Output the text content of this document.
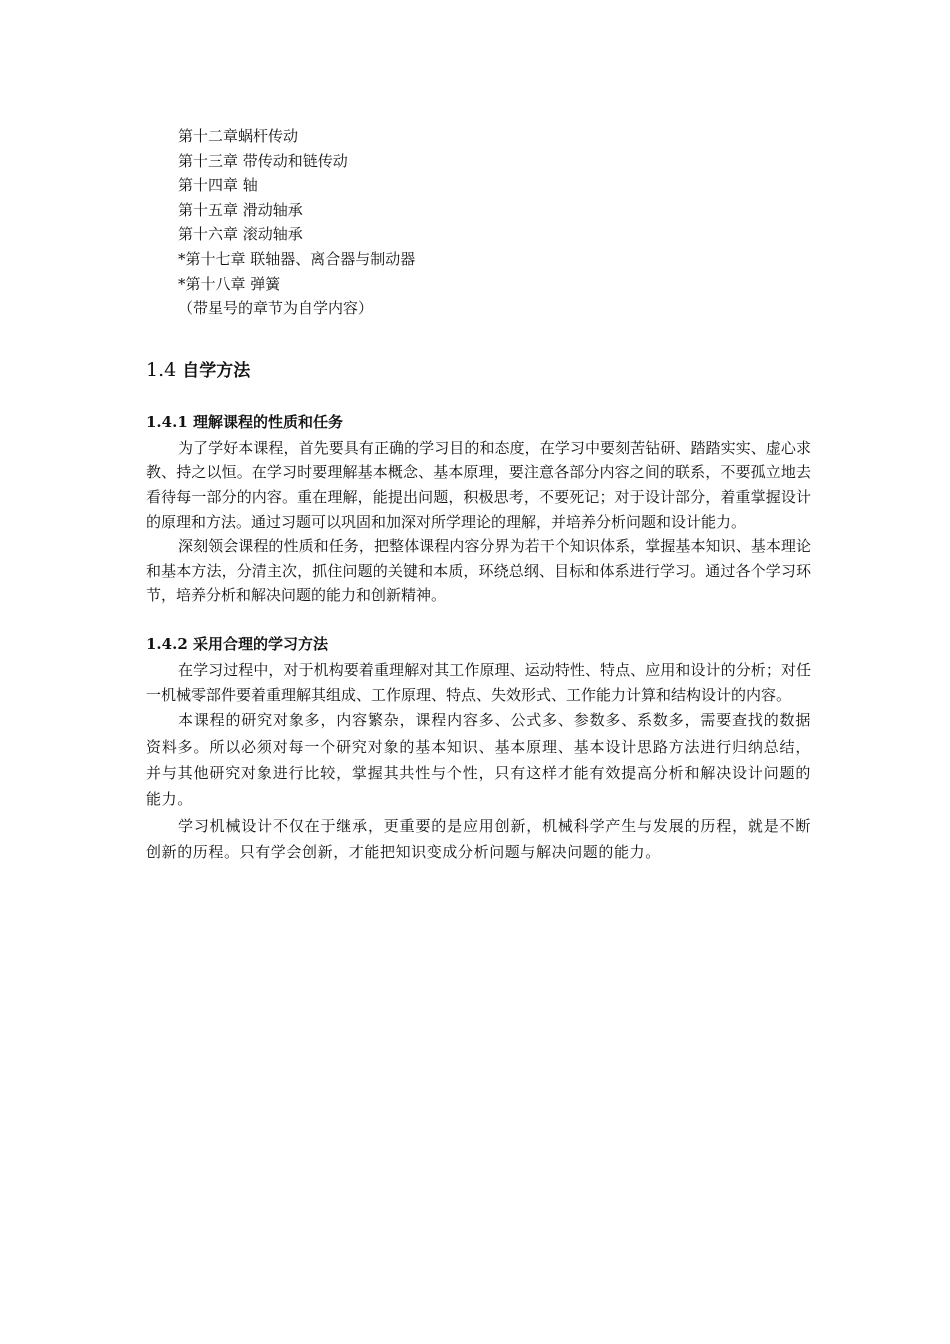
第十二章蜗杆传动
第十三章 带传动和链传动
第十四章 轴
第十五章 滑动轴承
第十六章 滚动轴承
*第十七章 联轴器、离合器与制动器
*第十八章 弹簧
（带星号的章节为自学内容）
1.4 自学方法
1.4.1 理解课程的性质和任务

为了学好本课程，首先要具有正确的学习目的和态度，在学习中要刻苦钻研、踏踏实实、虚心求教、持之以恒。在学习时要理解基本概念、基本原理，要注意各部分内容之间的联系，不要孤立地去看待每一部分的内容。重在理解，能提出问题，积极思考，不要死记；对于设计部分，着重掌握设计的原理和方法。通过习题可以巩固和加深对所学理论的理解，并培养分析问题和设计能力。

深刻领会课程的性质和任务，把整体课程内容分界为若干个知识体系，掌握基本知识、基本理论和基本方法，分清主次，抓住问题的关键和本质，环绕总纲、目标和体系进行学习。通过各个学习环节，培养分析和解决问题的能力和创新精神。

1.4.2 采用合理的学习方法

在学习过程中，对于机构要着重理解对其工作原理、运动特性、特点、应用和设计的分析；对任一机械零部件要着重理解其组成、工作原理、特点、失效形式、工作能力计算和结构设计的内容。

本课程的研究对象多，内容繁杂，课程内容多、公式多、参数多、系数多，需要查找的数据资料多。所以必须对每一个研究对象的基本知识、基本原理、基本设计思路方法进行归纳总结，并与其他研究对象进行比较，掌握其共性与个性，只有这样才能有效提高分析和解决设计问题的能力。

学习机械设计不仅在于继承，更重要的是应用创新，机械科学产生与发展的历程，就是不断创新的历程。只有学会创新，才能把知识变成分析问题与解决问题的能力。
